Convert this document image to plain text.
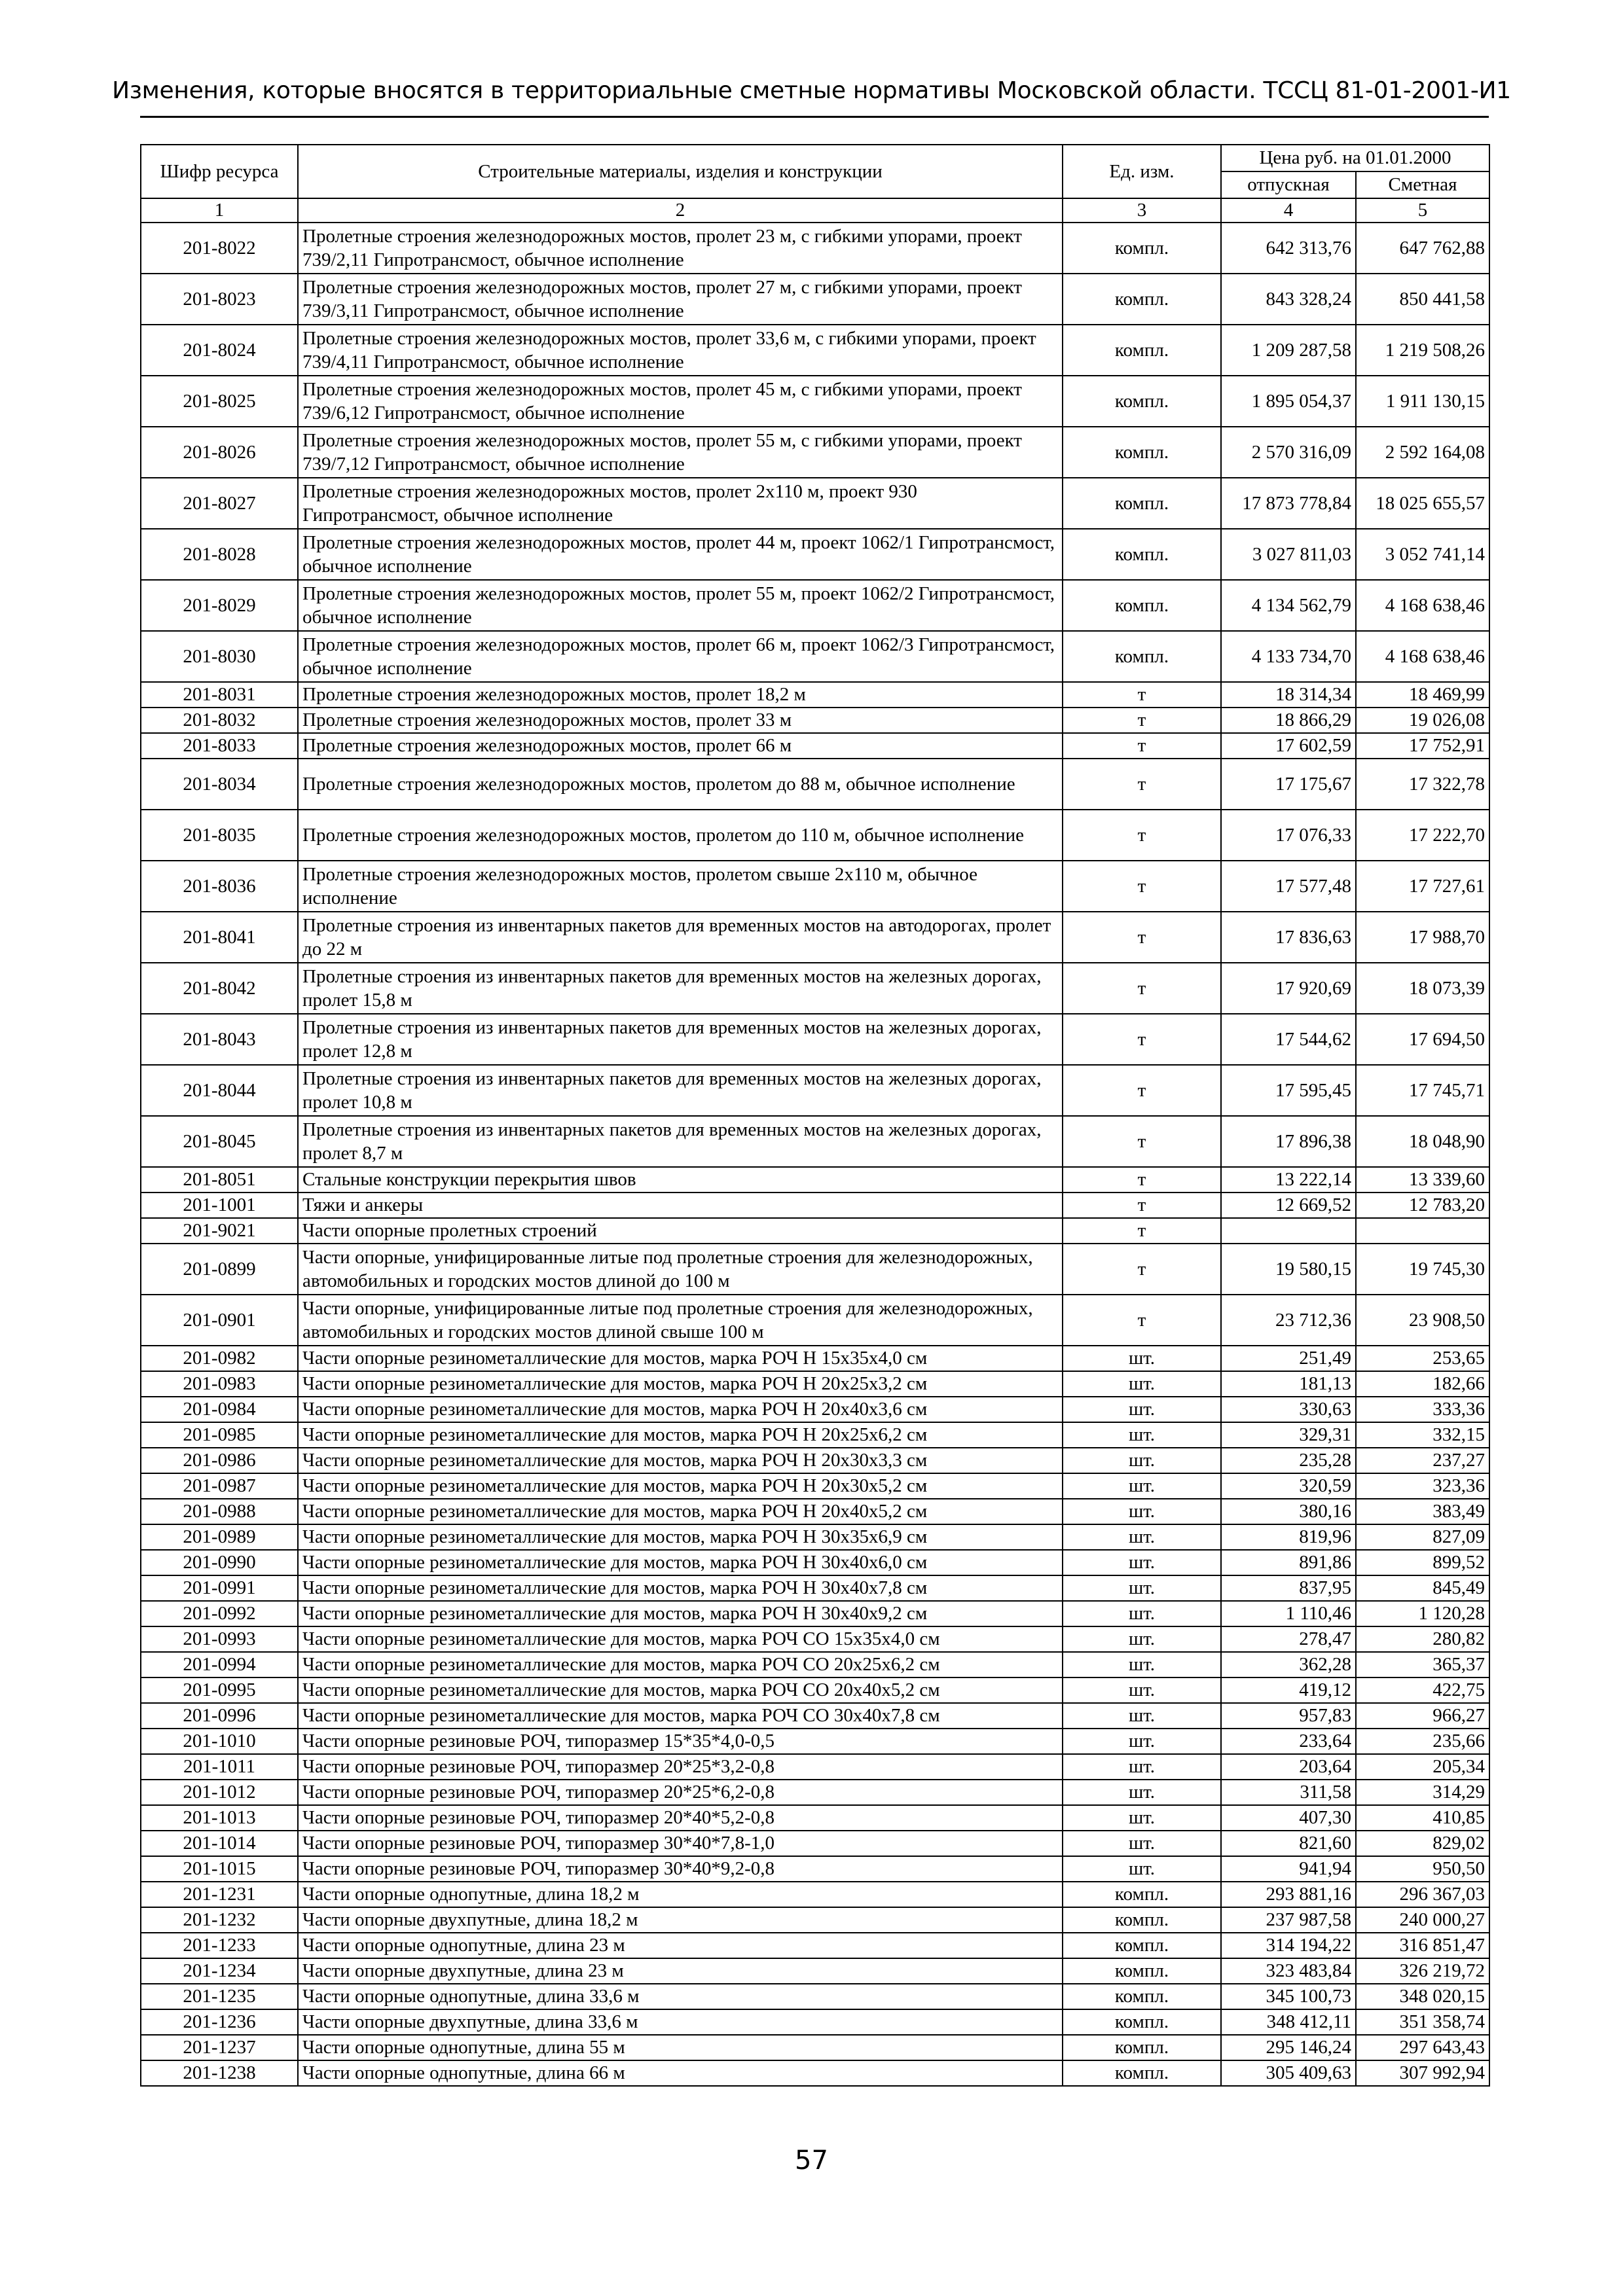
Изменения, которые вносятся в территориальные сметные нормативы Московской области. ТССЦ 81-01-2001-И1
Шифр ресурса	Строительные материалы, изделия и конструкции	Ед. изм.	Цена руб. на 01.01.2000	
			отпускная	Сметная
1	2	3	4	5
201-8022	Пролетные строения железнодорожных мостов, пролет 23 м, с гибкими упорами, проект 739/2,11 Гипротрансмост, обычное исполнение	компл.	642 313,76	647 762,88
201-8023	Пролетные строения железнодорожных мостов, пролет 27 м, с гибкими упорами, проект 739/3,11 Гипротрансмост, обычное исполнение	компл.	843 328,24	850 441,58
201-8024	Пролетные строения железнодорожных мостов, пролет 33,6 м, с гибкими упорами, проект 739/4,11 Гипротрансмост, обычное исполнение	компл.	1 209 287,58	1 219 508,26
201-8025	Пролетные строения железнодорожных мостов, пролет 45 м, с гибкими упорами, проект 739/6,12 Гипротрансмост, обычное исполнение	компл.	1 895 054,37	1 911 130,15
201-8026	Пролетные строения железнодорожных мостов, пролет 55 м, с гибкими упорами, проект 739/7,12 Гипротрансмост, обычное исполнение	компл.	2 570 316,09	2 592 164,08
201-8027	Пролетные строения железнодорожных мостов, пролет 2х110 м, проект 930 Гипротрансмост, обычное исполнение	компл.	17 873 778,84	18 025 655,57
201-8028	Пролетные строения железнодорожных мостов, пролет 44 м, проект 1062/1 Гипротрансмост, обычное исполнение	компл.	3 027 811,03	3 052 741,14
201-8029	Пролетные строения железнодорожных мостов, пролет 55 м, проект 1062/2 Гипротрансмост, обычное исполнение	компл.	4 134 562,79	4 168 638,46
201-8030	Пролетные строения железнодорожных мостов, пролет 66 м, проект 1062/3 Гипротрансмост, обычное исполнение	компл.	4 133 734,70	4 168 638,46
201-8031	Пролетные строения железнодорожных мостов, пролет 18,2 м	т	18 314,34	18 469,99
201-8032	Пролетные строения железнодорожных мостов, пролет 33 м	т	18 866,29	19 026,08
201-8033	Пролетные строения железнодорожных мостов, пролет 66 м	т	17 602,59	17 752,91
201-8034	Пролетные строения железнодорожных мостов, пролетом до 88 м, обычное исполнение	т	17 175,67	17 322,78
201-8035	Пролетные строения железнодорожных мостов, пролетом до 110 м, обычное исполнение	т	17 076,33	17 222,70
201-8036	Пролетные строения железнодорожных мостов, пролетом свыше 2х110 м, обычное исполнение	т	17 577,48	17 727,61
201-8041	Пролетные строения из инвентарных пакетов для временных мостов на автодорогах, пролет до 22 м	т	17 836,63	17 988,70
201-8042	Пролетные строения из инвентарных пакетов для временных мостов на железных дорогах, пролет 15,8 м	т	17 920,69	18 073,39
201-8043	Пролетные строения из инвентарных пакетов для временных мостов на железных дорогах, пролет 12,8 м	т	17 544,62	17 694,50
201-8044	Пролетные строения из инвентарных пакетов для временных мостов на железных дорогах, пролет 10,8 м	т	17 595,45	17 745,71
201-8045	Пролетные строения из инвентарных пакетов для временных мостов на железных дорогах, пролет 8,7 м	т	17 896,38	18 048,90
201-8051	Стальные конструкции перекрытия швов	т	13 222,14	13 339,60
201-1001	Тяжи и анкеры	т	12 669,52	12 783,20
201-9021	Части опорные пролетных строений	т		
201-0899	Части опорные, унифицированные литые под пролетные строения для железнодорожных, автомобильных и городских мостов длиной до 100 м	т	19 580,15	19 745,30
201-0901	Части опорные, унифицированные литые под пролетные строения для железнодорожных, автомобильных и городских мостов длиной свыше 100 м	т	23 712,36	23 908,50
201-0982	Части опорные резинометаллические для мостов, марка РОЧ Н 15х35х4,0 см	шт.	251,49	253,65
201-0983	Части опорные резинометаллические для мостов, марка РОЧ Н 20х25х3,2 см	шт.	181,13	182,66
201-0984	Части опорные резинометаллические для мостов, марка РОЧ Н 20х40х3,6 см	шт.	330,63	333,36
201-0985	Части опорные резинометаллические для мостов, марка РОЧ Н 20х25х6,2 см	шт.	329,31	332,15
201-0986	Части опорные резинометаллические для мостов, марка РОЧ Н 20х30х3,3 см	шт.	235,28	237,27
201-0987	Части опорные резинометаллические для мостов, марка РОЧ Н 20х30х5,2 см	шт.	320,59	323,36
201-0988	Части опорные резинометаллические для мостов, марка РОЧ Н 20х40х5,2 см	шт.	380,16	383,49
201-0989	Части опорные резинометаллические для мостов, марка РОЧ Н 30х35х6,9 см	шт.	819,96	827,09
201-0990	Части опорные резинометаллические для мостов, марка РОЧ Н 30х40х6,0 см	шт.	891,86	899,52
201-0991	Части опорные резинометаллические для мостов, марка РОЧ Н 30х40х7,8 см	шт.	837,95	845,49
201-0992	Части опорные резинометаллические для мостов, марка РОЧ Н 30х40х9,2 см	шт.	1 110,46	1 120,28
201-0993	Части опорные резинометаллические для мостов, марка РОЧ СО 15х35х4,0 см	шт.	278,47	280,82
201-0994	Части опорные резинометаллические для мостов, марка РОЧ СО 20х25х6,2 см	шт.	362,28	365,37
201-0995	Части опорные резинометаллические для мостов, марка РОЧ СО 20х40х5,2 см	шт.	419,12	422,75
201-0996	Части опорные резинометаллические для мостов, марка РОЧ СО 30х40х7,8 см	шт.	957,83	966,27
201-1010	Части опорные резиновые РОЧ, типоразмер 15*35*4,0-0,5	шт.	233,64	235,66
201-1011	Части опорные резиновые РОЧ, типоразмер 20*25*3,2-0,8	шт.	203,64	205,34
201-1012	Части опорные резиновые РОЧ, типоразмер 20*25*6,2-0,8	шт.	311,58	314,29
201-1013	Части опорные резиновые РОЧ, типоразмер 20*40*5,2-0,8	шт.	407,30	410,85
201-1014	Части опорные резиновые РОЧ, типоразмер 30*40*7,8-1,0	шт.	821,60	829,02
201-1015	Части опорные резиновые РОЧ, типоразмер 30*40*9,2-0,8	шт.	941,94	950,50
201-1231	Части опорные однопутные, длина 18,2 м	компл.	293 881,16	296 367,03
201-1232	Части опорные двухпутные, длина 18,2 м	компл.	237 987,58	240 000,27
201-1233	Части опорные однопутные, длина 23 м	компл.	314 194,22	316 851,47
201-1234	Части опорные двухпутные, длина 23 м	компл.	323 483,84	326 219,72
201-1235	Части опорные однопутные, длина 33,6 м	компл.	345 100,73	348 020,15
201-1236	Части опорные двухпутные, длина 33,6 м	компл.	348 412,11	351 358,74
201-1237	Части опорные однопутные, длина 55 м	компл.	295 146,24	297 643,43
201-1238	Части опорные однопутные, длина 66 м	компл.	305 409,63	307 992,94
57
